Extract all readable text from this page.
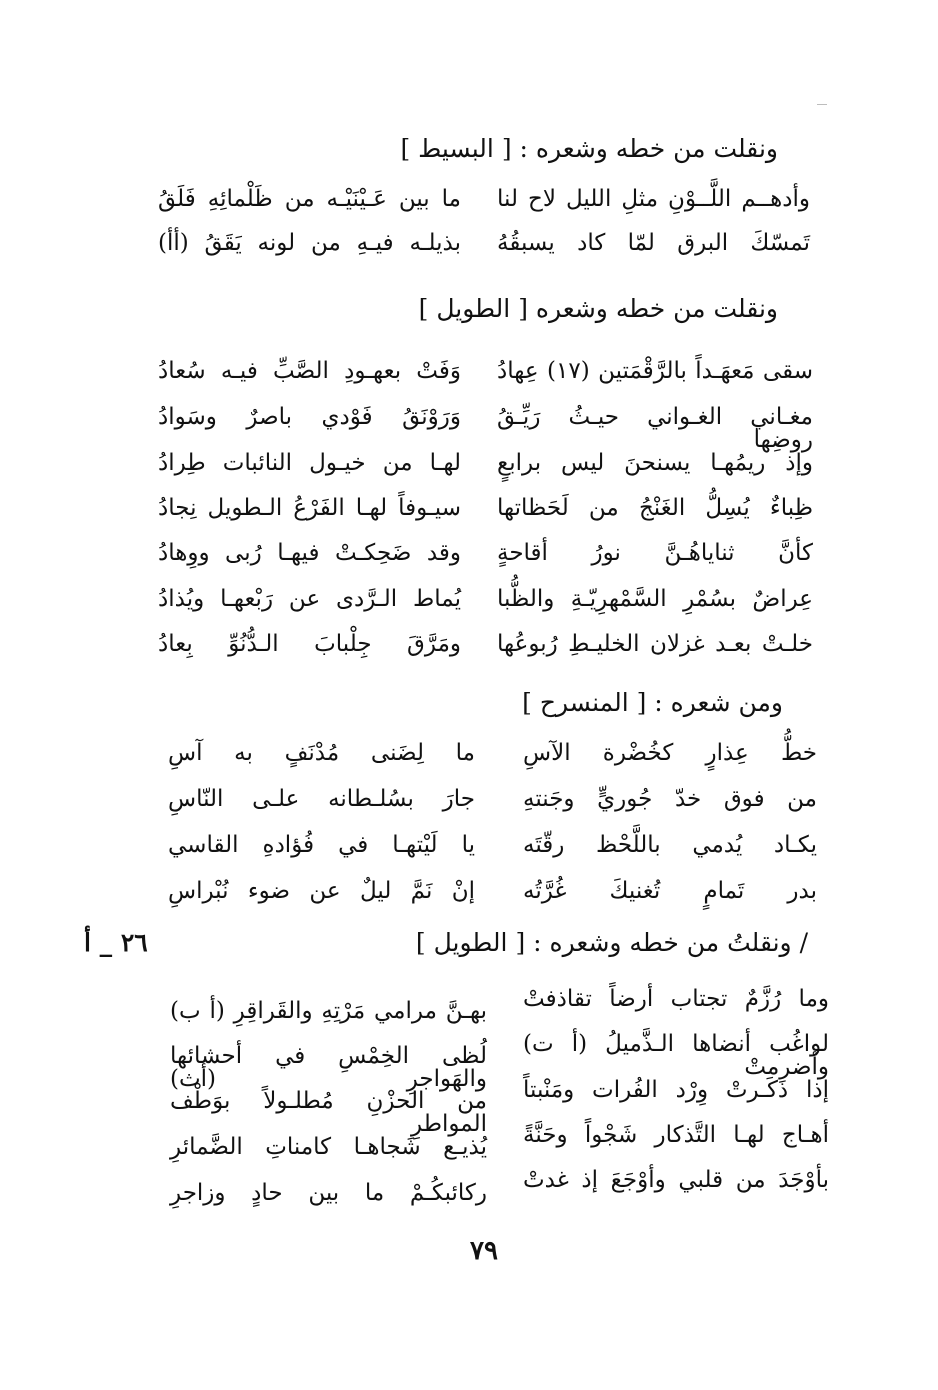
ونقلت من خطه وشعره : [ البسيط ]
وأدهــم اللَّــوْنِ مثلِ الليل لاح لنا
ما بين عَـيْنَيْـه من ظَلْمائِهِ فَلَقُ
تَمسّكَ البرق لمّا كاد يسبقُهُ
بذيلـه فيـهِ من لونه يَقَقُ (أأ)
ونقلت من خطه وشعره [ الطويل ]
سقى مَعهَـداً بالرَّقْمَتين (١٧) عِهادُ
وَفَتْ بعهـودِ الصَّبِّ فيـه سُعادُ
مغـاني الغـواني حيـثُ رَيِّـقُ روضِها
وَرَوْنَقُ فَوْدي باصرٌ وسَوادُ
وإذ ريمُهـا يسنحنَ ليس برابعٍ
لهـا من خيـول النائبات طِرادُ
ظِباءٌ يُسِلُّ الغَنْجُ من لَحَظاتها
سيـوفاً لهـا الفَرْعُ الـطويل نِجادُ
كأنَّ ثناياهُـنَّ نورُ أقاحةٍ
وقد ضَحِكـتْ فيهـا رُبى ووِهادُ
عِراضٌ بسُمْرِ السَّمْهرِيّـةِ والظُّبا
يُماط الـرَّدى عن رَبْعهـا ويُذادُ
خلـتْ بعـد غزلان الخليـطِ رُبوعُها
ومَرَّقَ جِلْبابَ الـدُّنُوِّ بِعادُ
ومن شعره : [ المنسرح ]
خطُّ عِذارٍ كخُضْرة الآسِ
ما لِضَنى مُدْنَفٍ به آسِ
من فوق خدّ جُوريٍّ وجَنتهِ
جارَ بسُلـطانه علـى النّاسِ
يكـاد يُدمي باللَّحْظ رقّتَه
يا لَيْتهـا في فُؤادهِ القاسي
بدر تَمامٍ تُغنيكَ غُرَّتُه
إنْ نَمَّ ليلٌ عن ضوء نُبْراسِ
٢٦ _ أ	/ ونقلتُ من خطه وشعره : [ الطويل ]
وما رُزَّمٌ تجتاب أرضاً تقاذفتْ
بهـنَّ مرامي مَرْتِهِ والقَراقِرِ (أ ب)
لواغُب أنضاها الـذَّميلُ (أ ت) وأضرمتْ
لُظى الخِمْسِ في أحشائها والهَواجرِ (أث) إذا ذَكَـرتْ وِرْد الفُرات ومَنْبتاً
من الحزْنِ مُطلـولاً بوَطْف المواطرِ أهـاج لهـا التَّذكار شَجْواً وحَنَّةً
يُذيـع شَجاهـا كامناتِ الضَّمائرِ
بأوْجَدَ من قلبي وأوْجَعَ إذ غدتْ
ركائبكُـمْ ما بين حادٍ وزاجرِ
٧٩
